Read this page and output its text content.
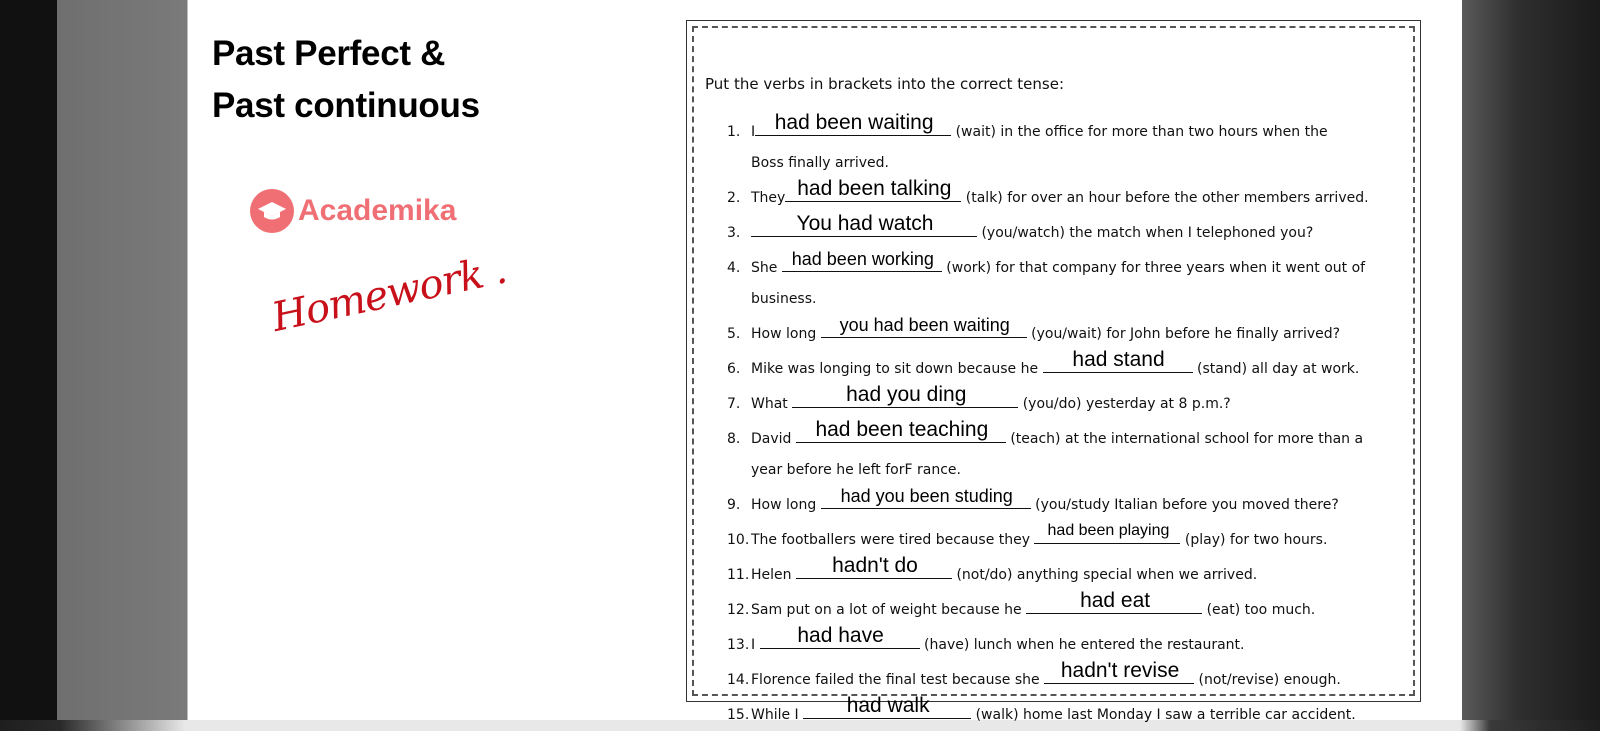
Past Perfect &
Past continuous
Academika
Homework .
Put the verbs in brackets into the correct tense:
1. I had been waiting	(wait) in the office for more than two hours when the
Boss finally arrived.
2. They had been talking	(talk) for over an hour before the other members arrived.
3.	You had watch	(you/watch) the match when I telephoned you?
4. She had been working (work) for that company for three years when it went out of
business.
5. How long	you had been waiting	(you/wait) for John before he finally arrived?
6. Mike was longing to sit down because he	had stand	(stand) all day at work.
7. What	had you ding	(you/do) yesterday at 8 p.m.?
8. David	had been teaching	(teach) at the international school for more than a
year before he left forF rance.
9. How long	had you been studing	(you/study Italian before you moved there?
10. The footballers were tired because they
had been playing
(play) for two hours.
11. Helen	hadn't do	(not/do) anything special when we arrived.
12. Sam put on a lot of weight because he	had eat	(eat) too much.
13. I	had have	(have) lunch when he entered the restaurant.
14. Florence failed the final test because she	hadn't revise	(not/revise) enough.
15. While I	had walk	(walk) home last Monday I saw a terrible car accident.
